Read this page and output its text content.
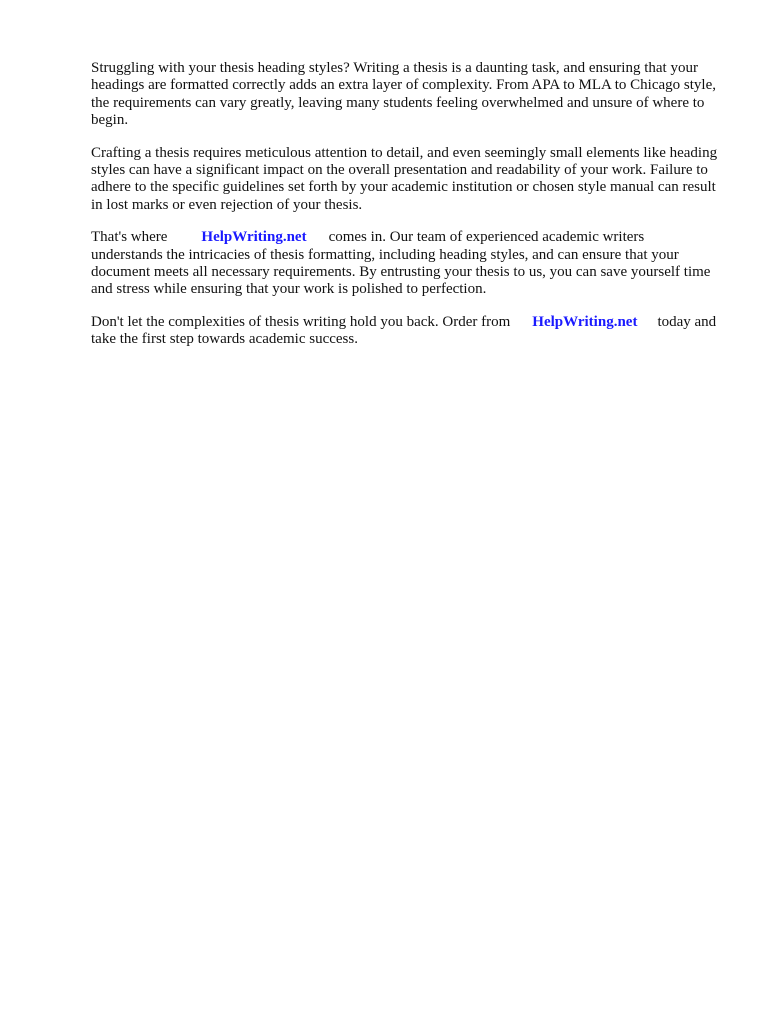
Struggling with your thesis heading styles? Writing a thesis is a daunting task, and ensuring that your headings are formatted correctly adds an extra layer of complexity. From APA to MLA to Chicago style, the requirements can vary greatly, leaving many students feeling overwhelmed and unsure of where to begin.

Crafting a thesis requires meticulous attention to detail, and even seemingly small elements like heading styles can have a significant impact on the overall presentation and readability of your work. Failure to adhere to the specific guidelines set forth by your academic institution or chosen style manual can result in lost marks or even rejection of your thesis.

That's where HelpWriting.net comes in. Our team of experienced academic writers understands the intricacies of thesis formatting, including heading styles, and can ensure that your document meets all necessary requirements. By entrusting your thesis to us, you can save yourself time and stress while ensuring that your work is polished to perfection.

Don't let the complexities of thesis writing hold you back. Order from HelpWriting.net today and take the first step towards academic success.
